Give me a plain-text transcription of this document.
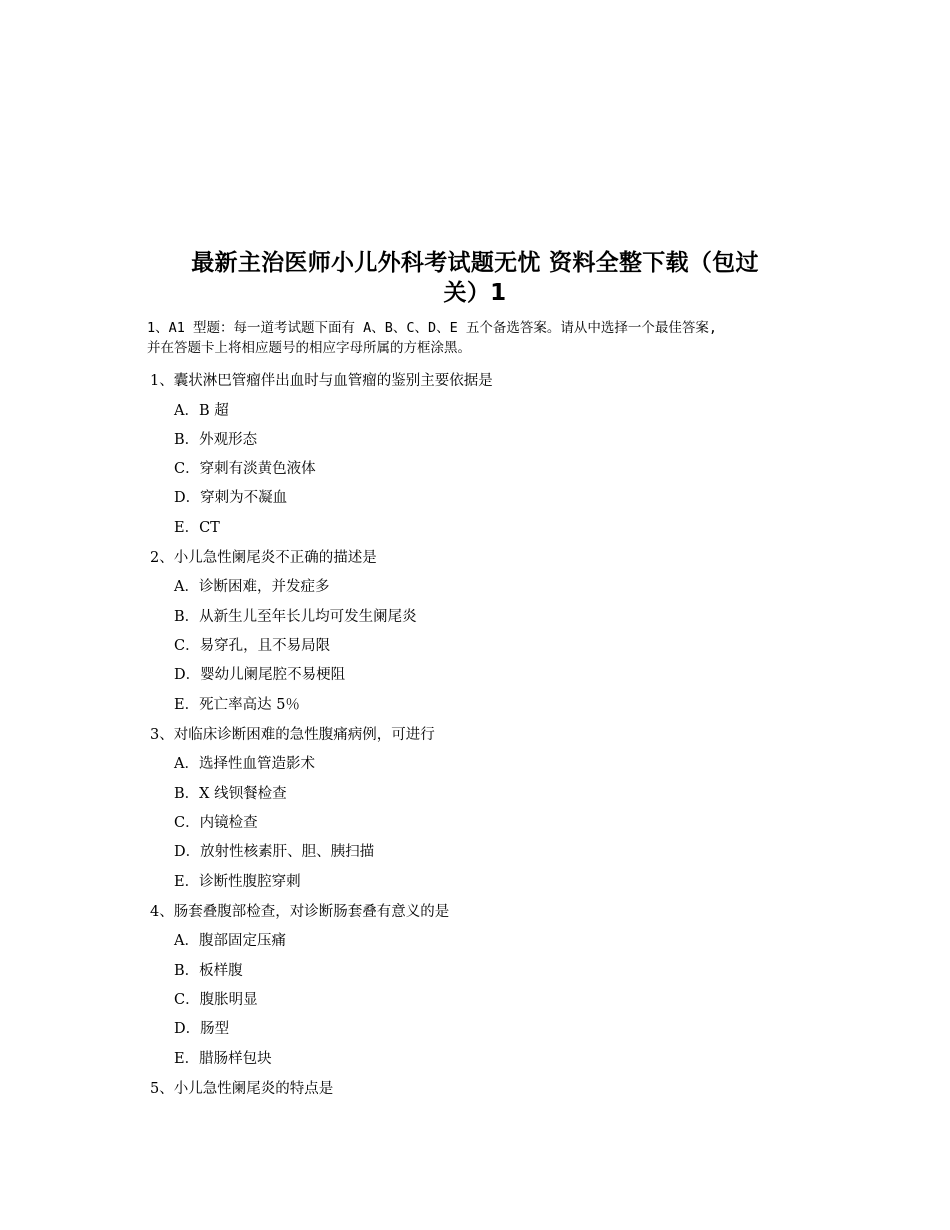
最新主治医师小儿外科考试题无忧 资料全整下载（包过
关）1
1、A1 型题：每一道考试题下面有 A、B、C、D、E 五个备选答案。请从中选择一个最佳答案,
并在答题卡上将相应题号的相应字母所属的方框涂黑。
1、囊状淋巴管瘤伴出血时与血管瘤的鉴别主要依据是
A．B 超
B．外观形态
C．穿刺有淡黄色液体
D．穿刺为不凝血
E．CT
2、小儿急性阑尾炎不正确的描述是
A．诊断困难，并发症多
B．从新生儿至年长儿均可发生阑尾炎
C．易穿孔，且不易局限
D．婴幼儿阑尾腔不易梗阻
E．死亡率高达 5％
3、对临床诊断困难的急性腹痛病例，可进行
A．选择性血管造影术
B．X 线钡餐检查
C．内镜检查
D．放射性核素肝、胆、胰扫描
E．诊断性腹腔穿刺
4、肠套叠腹部检查，对诊断肠套叠有意义的是
A．腹部固定压痛
B．板样腹
C．腹胀明显
D．肠型
E．腊肠样包块
5、小儿急性阑尾炎的特点是
